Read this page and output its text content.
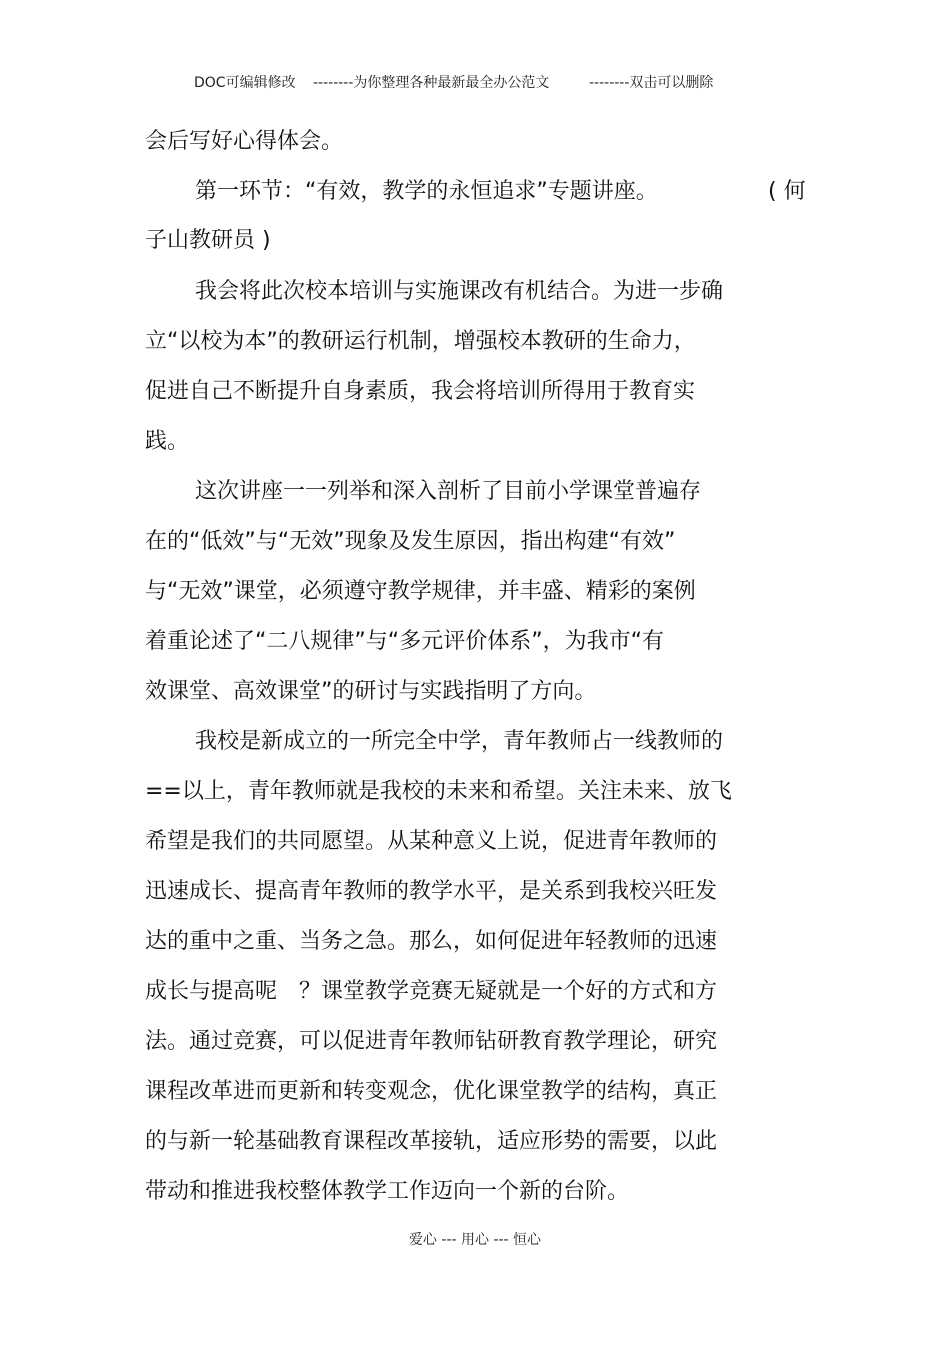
DOC可编辑修改 --------为你整理各种最新最全办公范文	--------双击可以删除
会后写好心得体会。
第一环节：“有效，教学的永恒追求”专题讲座。	( 何
子山教研员 )
我会将此次校本培训与实施课改有机结合。为进一步确
立“以校为本”的教研运行机制，增强校本教研的生命力，
促进自己不断提升自身素质，我会将培训所得用于教育实
践。
这次讲座一一列举和深入剖析了目前小学课堂普遍存
在的“低效”与“无效”现象及发生原因，指出构建“有效”
与“无效”课堂，必须遵守教学规律，并丰盛、精彩的案例
着重论述了“二八规律”与“多元评价体系”，为我市“有
效课堂、高效课堂”的研讨与实践指明了方向。
我校是新成立的一所完全中学，青年教师占一线教师的
==以上，青年教师就是我校的未来和希望。关注未来、放飞
希望是我们的共同愿望。从某种意义上说，促进青年教师的
迅速成长、提高青年教师的教学水平，是关系到我校兴旺发
达的重中之重、当务之急。那么，如何促进年轻教师的迅速
成长与提高呢　？课堂教学竞赛无疑就是一个好的方式和方
法。通过竞赛，可以促进青年教师钻研教育教学理论，研究
课程改革进而更新和转变观念，优化课堂教学的结构，真正
的与新一轮基础教育课程改革接轨，适应形势的需要，以此
带动和推进我校整体教学工作迈向一个新的台阶。
爱心 --- 用心 --- 恒心
